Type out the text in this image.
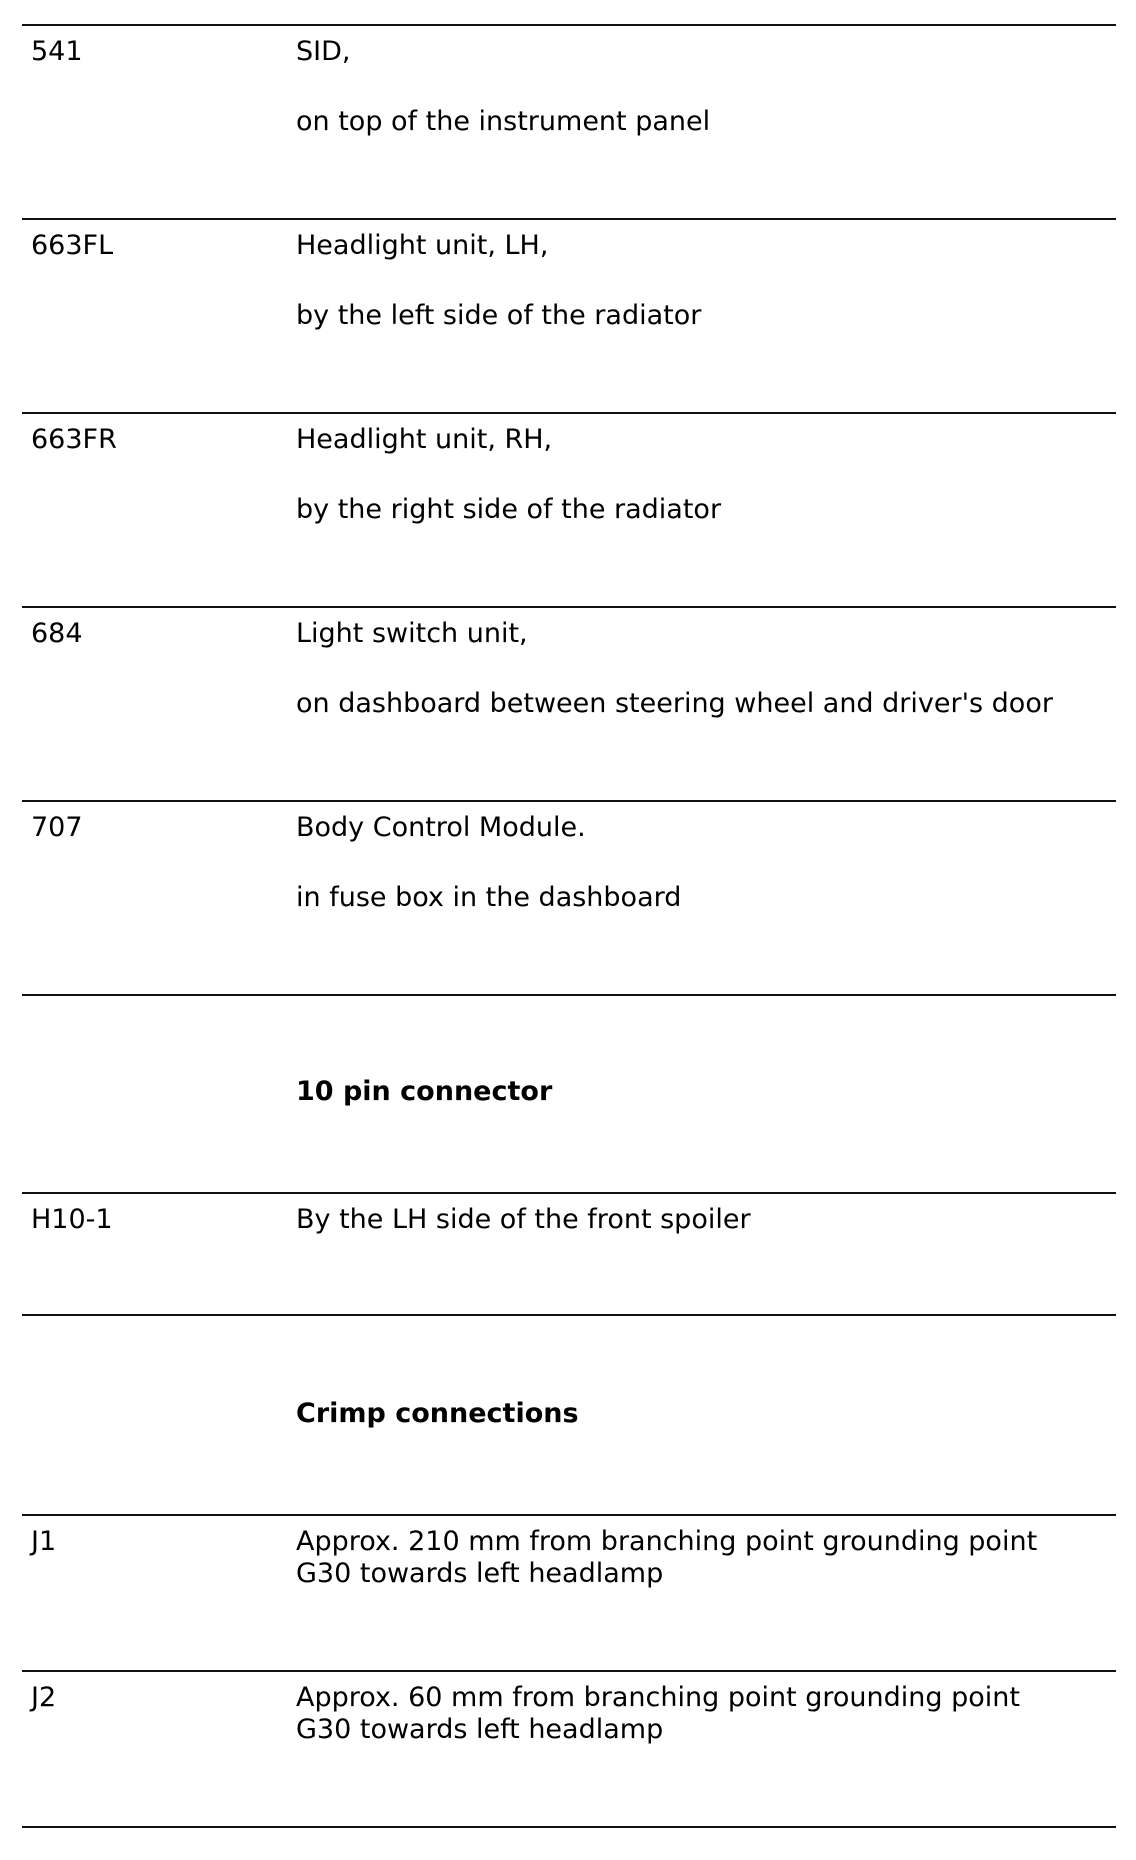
541	SID,
on top of the instrument panel
663FL	Headlight unit, LH,
by the left side of the radiator
663FR	Headlight unit, RH,
by the right side of the radiator
684	Light switch unit,
on dashboard between steering wheel and driver's door
707	Body Control Module.
in fuse box in the dashboard
10 pin connector
H10-1	By the LH side of the front spoiler
Crimp connections
J1	Approx. 210 mm from branching point grounding point
G30 towards left headlamp
J2	Approx. 60 mm from branching point grounding point
G30 towards left headlamp
